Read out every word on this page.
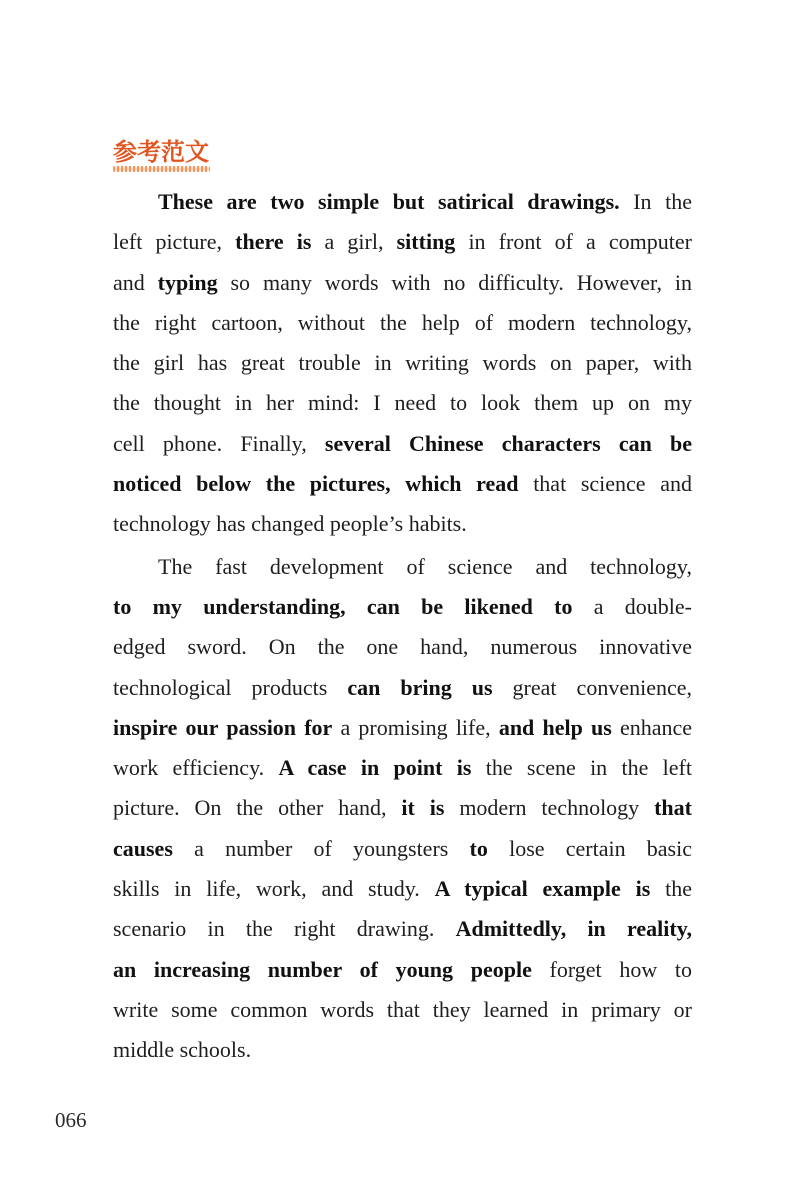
参考范文
These are two simple but satirical drawings. In the
left picture, there is a girl, sitting in front of a computer
and typing so many words with no difficulty. However, in
the right cartoon, without the help of modern technology,
the girl has great trouble in writing words on paper, with
the thought in her mind: I need to look them up on my
cell phone. Finally, several Chinese characters can be
noticed below the pictures, which read that science and
technology has changed people’s habits.
The fast development of science and technology,
to my understanding, can be likened to a double-
edged sword. On the one hand, numerous innovative
technological products can bring us great convenience,
inspire our passion for a promising life, and help us enhance
work efficiency. A case in point is the scene in the left
picture. On the other hand, it is modern technology that
causes a number of youngsters to lose certain basic
skills in life, work, and study. A typical example is the
scenario in the right drawing. Admittedly, in reality,
an increasing number of young people forget how to
write some common words that they learned in primary or
middle schools.
066
